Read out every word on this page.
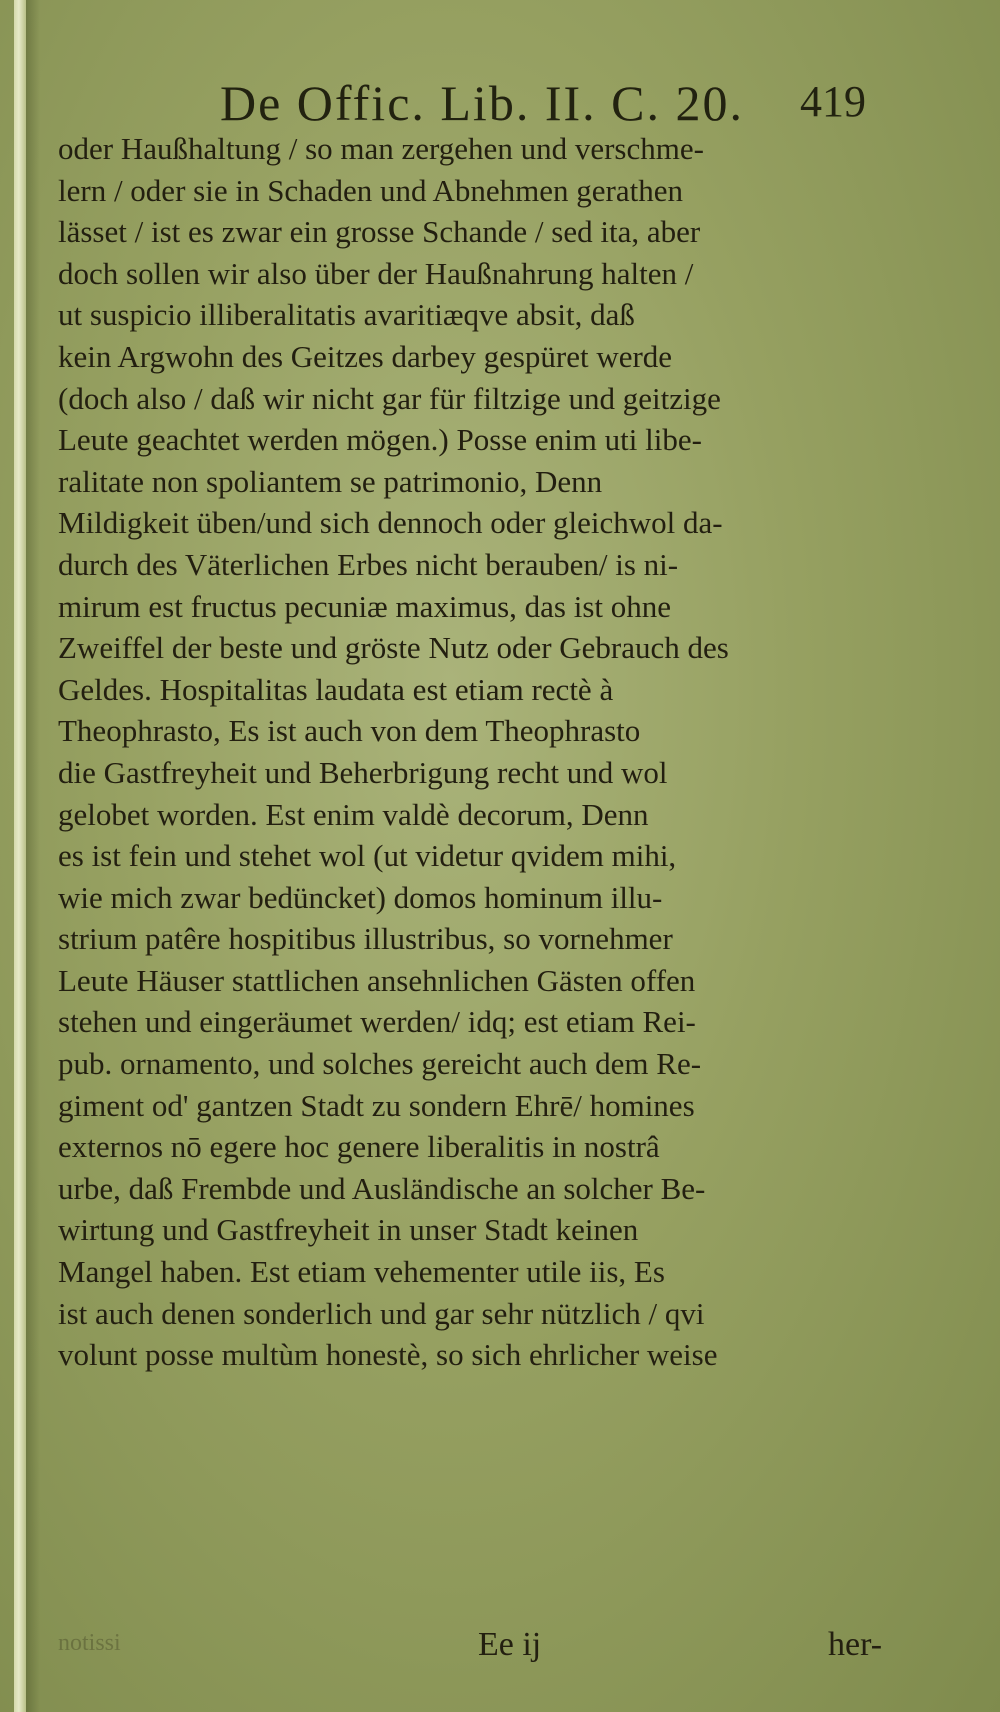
De Offic. Lib. II. C. 20. 419
oder Haußhaltung / so man zergehen und verschme-
lern / oder sie in Schaden und Abnehmen gerathen
lässet / ist es zwar ein grosse Schande / sed ita, aber
doch sollen wir also über der Haußnahrung halten /
ut suspicio illiberalitatis avaritiæqve absit, daß
kein Argwohn des Geitzes darbey gespüret werde
(doch also / daß wir nicht gar für filtzige und geitzige
Leute geachtet werden mögen.) Posse enim uti libe-
ralitate non spoliantem se patrimonio, Denn
Mildigkeit üben/und sich dennoch oder gleichwol da-
durch des Väterlichen Erbes nicht berauben/ is ni-
mirum est fructus pecuniæ maximus, das ist ohne
Zweiffel der beste und gröste Nutz oder Gebrauch des
Geldes. Hospitalitas laudata est etiam rectè à
Theophrasto, Es ist auch von dem Theophrasto
die Gastfreyheit und Beherbrigung recht und wol
gelobet worden. Est enim valdè decorum, Denn
es ist fein und stehet wol (ut videtur qvidem mihi,
wie mich zwar bedüncket) domos hominum illu-
strium patêre hospitibus illustribus, so vornehmer
Leute Häuser stattlichen ansehnlichen Gästen offen
stehen und eingeräumet werden/ idq; est etiam Rei-
pub. ornamento, und solches gereicht auch dem Re-
giment od' gantzen Stadt zu sondern Ehrē/ homines
externos nō egere hoc genere liberalitis in nostrâ
urbe, daß Frembde und Ausländische an solcher Be-
wirtung und Gastfreyheit in unser Stadt keinen
Mangel haben. Est etiam vehementer utile iis, Es
ist auch denen sonderlich und gar sehr nützlich / qvi
volunt posse multùm honestè, so sich ehrlicher weise
notissi	Ee ij	her-
